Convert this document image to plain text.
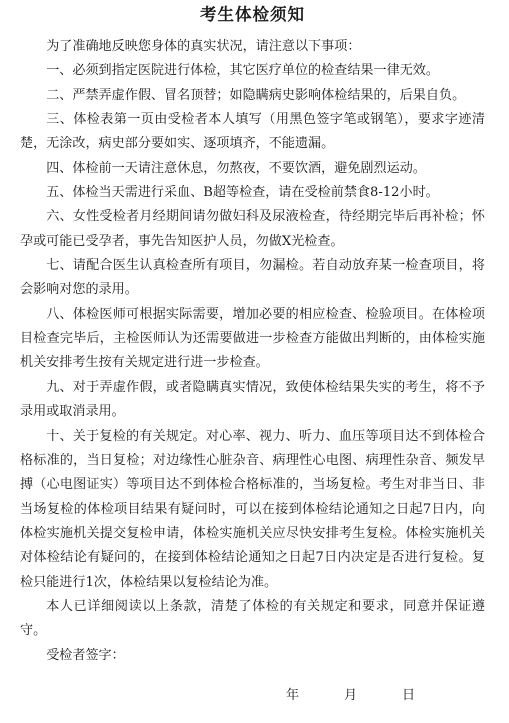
考生体检须知

为了准确地反映您身体的真实状况，请注意以下事项：

一、必须到指定医院进行体检，其它医疗单位的检查结果一律无效。

二、严禁弄虚作假、冒名顶替；如隐瞒病史影响体检结果的，后果自负。

三、体检表第一页由受检者本人填写（用黑色签字笔或钢笔），要求字迹清楚，无涂改，病史部分要如实、逐项填齐，不能遗漏。

四、体检前一天请注意休息，勿熬夜，不要饮酒，避免剧烈运动。

五、体检当天需进行采血、B超等检查，请在受检前禁食8-12小时。

六、女性受检者月经期间请勿做妇科及尿液检查，待经期完毕后再补检；怀孕或可能已受孕者，事先告知医护人员，勿做X光检查。

七、请配合医生认真检查所有项目，勿漏检。若自动放弃某一检查项目，将会影响对您的录用。

八、体检医师可根据实际需要，增加必要的相应检查、检验项目。在体检项目检查完毕后，主检医师认为还需要做进一步检查方能做出判断的，由体检实施机关安排考生按有关规定进行进一步检查。

九、对于弄虚作假，或者隐瞒真实情况，致使体检结果失实的考生，将不予录用或取消录用。

十、关于复检的有关规定。对心率、视力、听力、血压等项目达不到体检合格标准的，当日复检；对边缘性心脏杂音、病理性心电图、病理性杂音、频发早搏（心电图证实）等项目达不到体检合格标准的，当场复检。考生对非当日、非当场复检的体检项目结果有疑问时，可以在接到体检结论通知之日起7日内，向体检实施机关提交复检申请，体检实施机关应尽快安排考生复检。体检实施机关对体检结论有疑问的，在接到体检结论通知之日起7日内决定是否进行复检。复检只能进行1次，体检结果以复检结论为准。

本人已详细阅读以上条款，清楚了体检的有关规定和要求，同意并保证遵守。

受检者签字：

年	月	日
